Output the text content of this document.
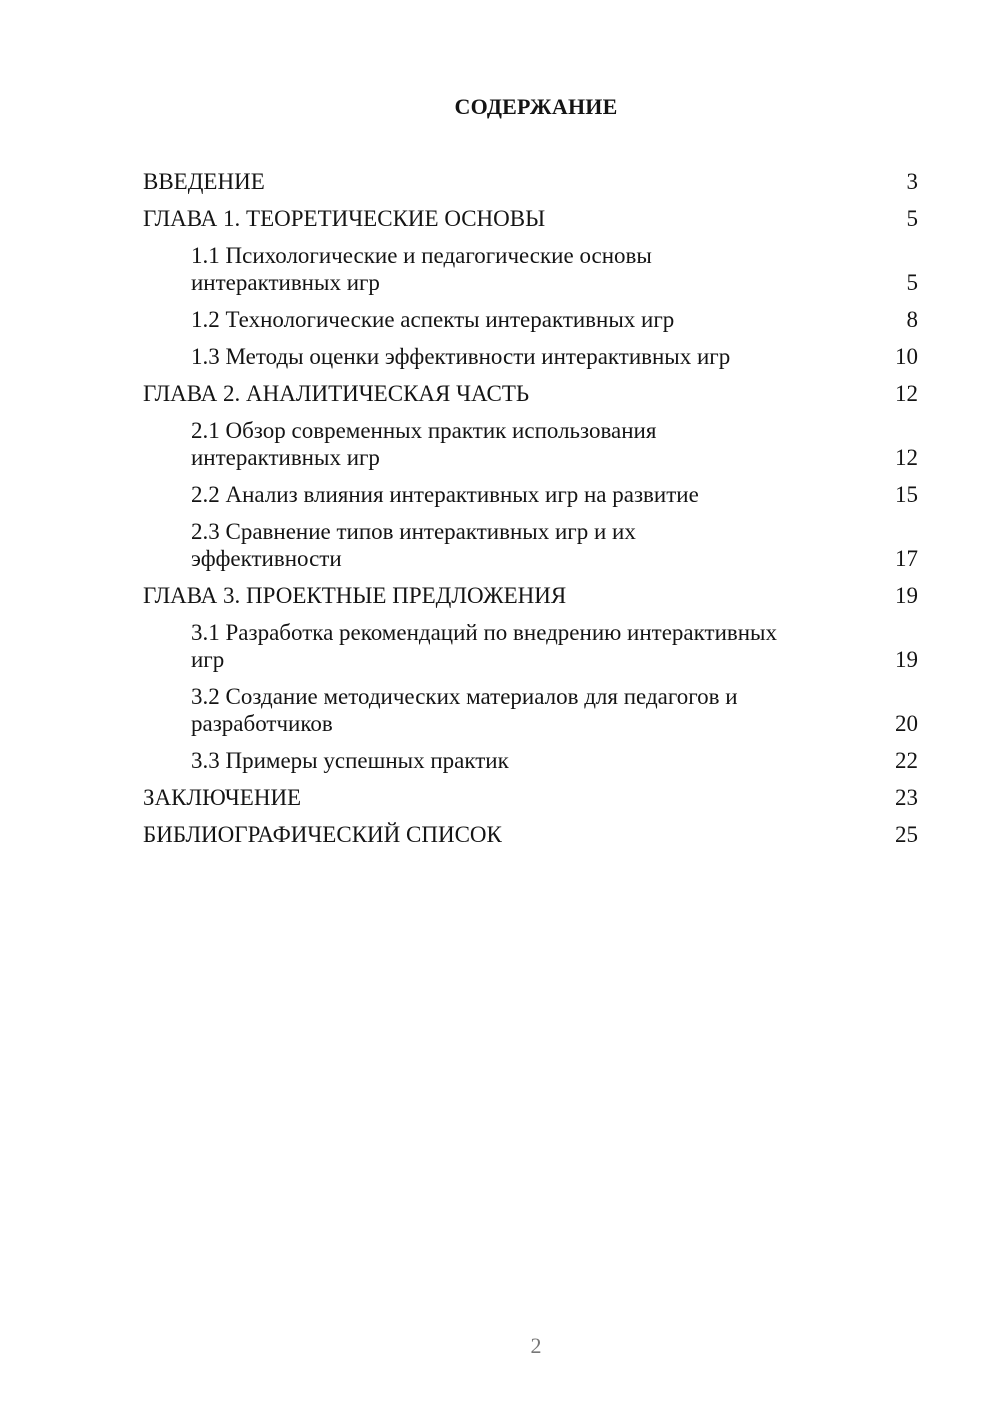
СОДЕРЖАНИЕ
ВВЕДЕНИЕ	3
ГЛАВА 1. ТЕОРЕТИЧЕСКИЕ ОСНОВЫ	5
1.1 Психологические и педагогические основы интерактивных игр	5
1.2 Технологические аспекты интерактивных игр	8
1.3 Методы оценки эффективности интерактивных игр	10
ГЛАВА 2. АНАЛИТИЧЕСКАЯ ЧАСТЬ	12
2.1 Обзор современных практик использования интерактивных игр	12
2.2 Анализ влияния интерактивных игр на развитие	15
2.3 Сравнение типов интерактивных игр и их эффективности	17
ГЛАВА 3. ПРОЕКТНЫЕ ПРЕДЛОЖЕНИЯ	19
3.1 Разработка рекомендаций по внедрению интерактивных игр	19
3.2 Создание методических материалов для педагогов и разработчиков	20
3.3 Примеры успешных практик	22
ЗАКЛЮЧЕНИЕ	23
БИБЛИОГРАФИЧЕСКИЙ СПИСОК	25
2
